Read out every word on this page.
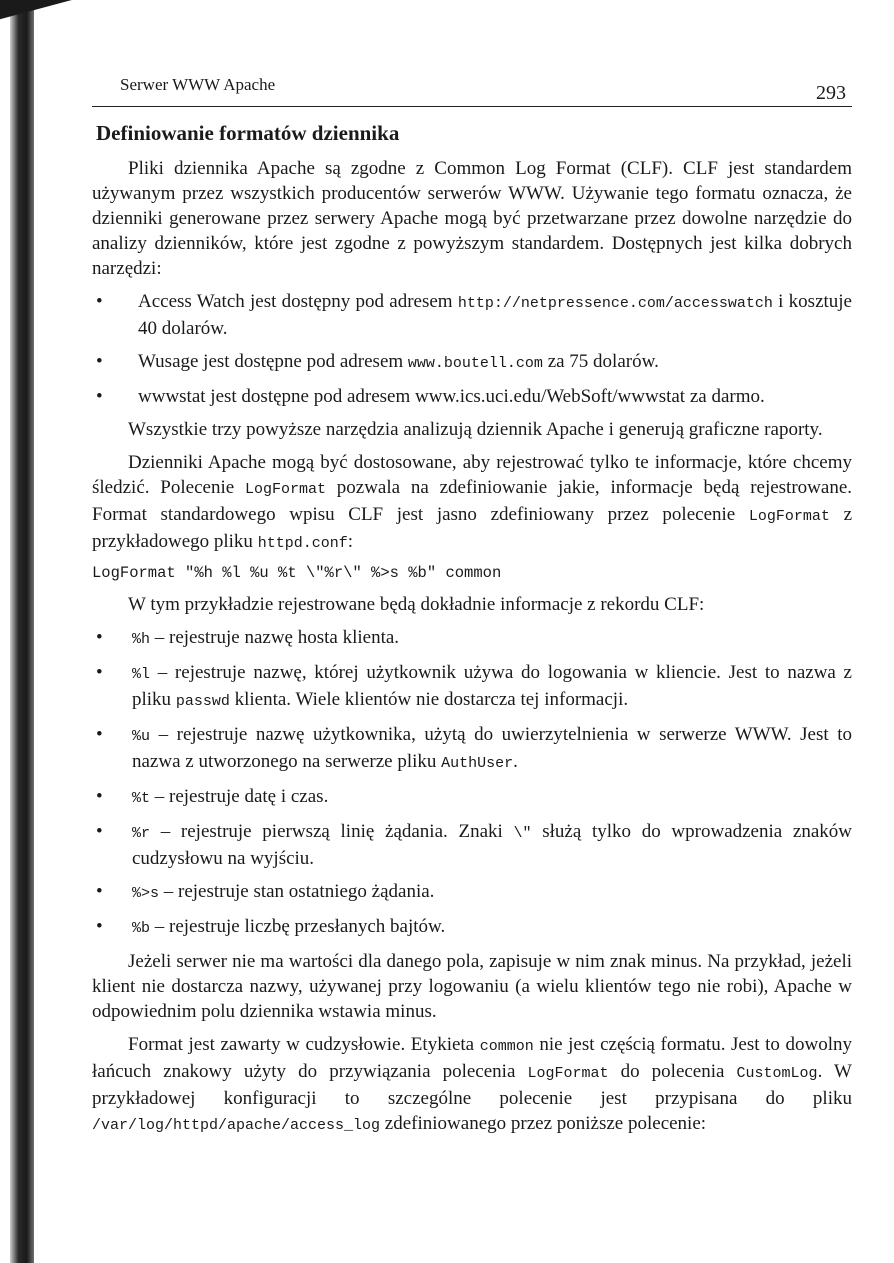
Serwer WWW Apache	293
Definiowanie formatów dziennika

Pliki dziennika Apache są zgodne z Common Log Format (CLF). CLF jest standardem używanym przez wszystkich producentów serwerów WWW. Używanie tego formatu oznacza, że dzienniki generowane przez serwery Apache mogą być przetwarzane przez dowolne narzędzie do analizy dzienników, które jest zgodne z powyższym standardem. Dostępnych jest kilka dobrych narzędzi:

• Access Watch jest dostępny pod adresem http://netpressence.com/accesswatch i kosztuje 40 dolarów.
• Wusage jest dostępne pod adresem www.boutell.com za 75 dolarów.
• wwwstat jest dostępne pod adresem www.ics.uci.edu/WebSoft/wwwstat za darmo.

Wszystkie trzy powyższe narzędzia analizują dziennik Apache i generują graficzne raporty.

Dzienniki Apache mogą być dostosowane, aby rejestrować tylko te informacje, które chcemy śledzić. Polecenie LogFormat pozwala na zdefiniowanie jakie, informacje będą rejestrowane. Format standardowego wpisu CLF jest jasno zdefiniowany przez polecenie LogFormat z przykładowego pliku httpd.conf:

LogFormat "%h %l %u %t \"%r\" %>s %b" common

W tym przykładzie rejestrowane będą dokładnie informacje z rekordu CLF:

• %h – rejestruje nazwę hosta klienta.
• %l – rejestruje nazwę, której użytkownik używa do logowania w kliencie. Jest to nazwa z pliku passwd klienta. Wiele klientów nie dostarcza tej informacji.
• %u – rejestruje nazwę użytkownika, użytą do uwierzytelnienia w serwerze WWW. Jest to nazwa z utworzonego na serwerze pliku AuthUser.
• %t – rejestruje datę i czas.
• %r – rejestruje pierwszą linię żądania. Znaki \" służą tylko do wprowadzenia znaków cudzysłowu na wyjściu.
• %>s – rejestruje stan ostatniego żądania.
• %b – rejestruje liczbę przesłanych bajtów.

Jeżeli serwer nie ma wartości dla danego pola, zapisuje w nim znak minus. Na przykład, jeżeli klient nie dostarcza nazwy, używanej przy logowaniu (a wielu klientów tego nie robi), Apache w odpowiednim polu dziennika wstawia minus.

Format jest zawarty w cudzysłowie. Etykieta common nie jest częścią formatu. Jest to dowolny łańcuch znakowy użyty do przywiązania polecenia LogFormat do polecenia CustomLog. W przykładowej konfiguracji to szczególne polecenie jest przypisana do pliku /var/log/httpd/apache/access_log zdefiniowanego przez poniższe polecenie:
